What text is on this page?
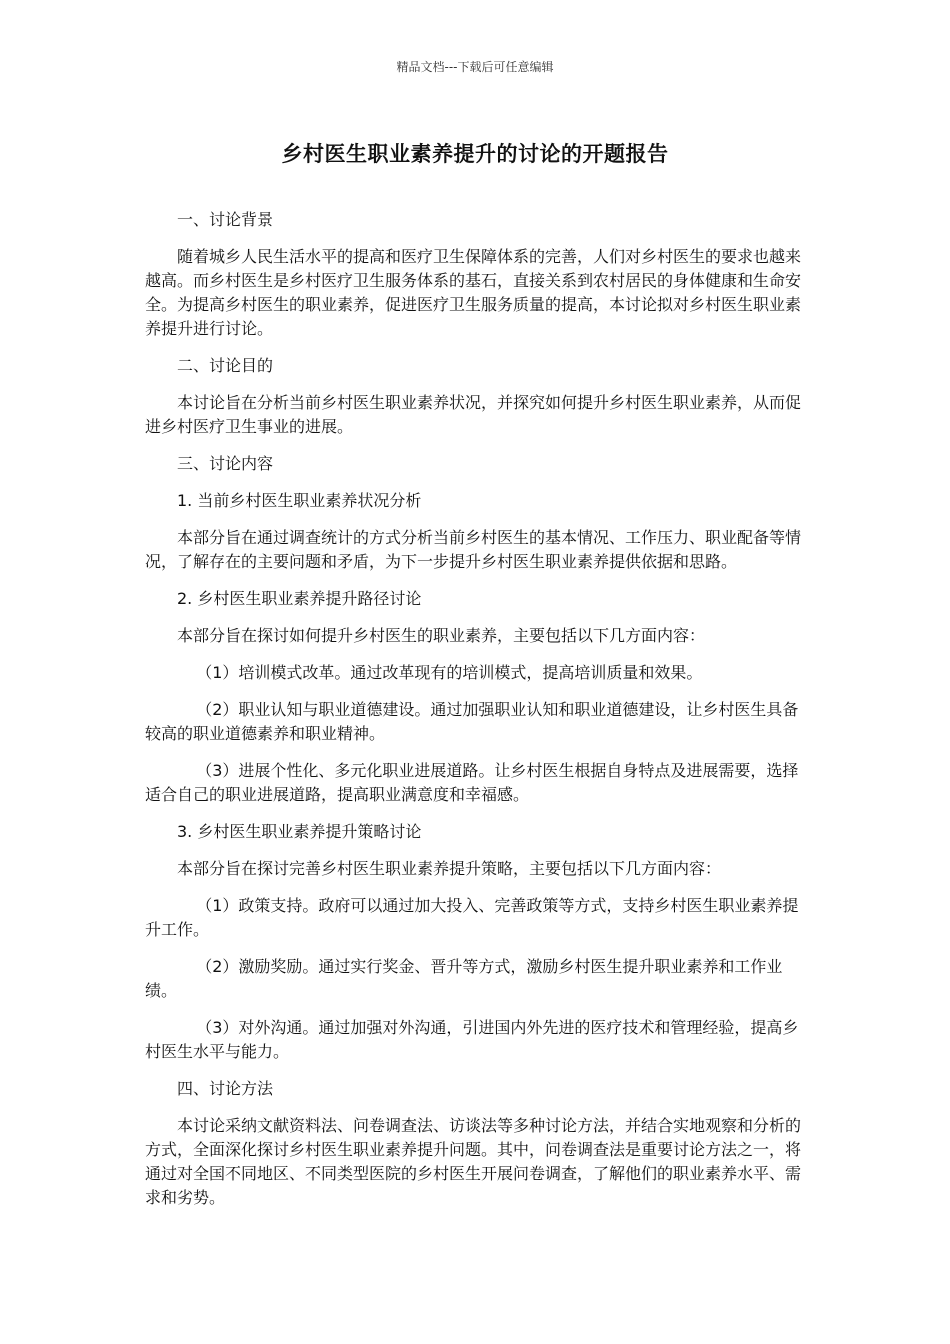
精品文档---下载后可任意编辑
乡村医生职业素养提升的讨论的开题报告

一、讨论背景

随着城乡人民生活水平的提高和医疗卫生保障体系的完善，人们对乡村医生的要求也越来越高。而乡村医生是乡村医疗卫生服务体系的基石，直接关系到农村居民的身体健康和生命安全。为提高乡村医生的职业素养，促进医疗卫生服务质量的提高，本讨论拟对乡村医生职业素养提升进行讨论。

二、讨论目的

本讨论旨在分析当前乡村医生职业素养状况，并探究如何提升乡村医生职业素养，从而促进乡村医疗卫生事业的进展。

三、讨论内容

1. 当前乡村医生职业素养状况分析

本部分旨在通过调查统计的方式分析当前乡村医生的基本情况、工作压力、职业配备等情况，了解存在的主要问题和矛盾，为下一步提升乡村医生职业素养提供依据和思路。

2. 乡村医生职业素养提升路径讨论

本部分旨在探讨如何提升乡村医生的职业素养，主要包括以下几方面内容：

（1）培训模式改革。通过改革现有的培训模式，提高培训质量和效果。

（2）职业认知与职业道德建设。通过加强职业认知和职业道德建设，让乡村医生具备较高的职业道德素养和职业精神。

（3）进展个性化、多元化职业进展道路。让乡村医生根据自身特点及进展需要，选择适合自己的职业进展道路，提高职业满意度和幸福感。

3. 乡村医生职业素养提升策略讨论

本部分旨在探讨完善乡村医生职业素养提升策略，主要包括以下几方面内容：

（1）政策支持。政府可以通过加大投入、完善政策等方式，支持乡村医生职业素养提升工作。

（2）激励奖励。通过实行奖金、晋升等方式，激励乡村医生提升职业素养和工作业绩。

（3）对外沟通。通过加强对外沟通，引进国内外先进的医疗技术和管理经验，提高乡村医生水平与能力。

四、讨论方法

本讨论采纳文献资料法、问卷调查法、访谈法等多种讨论方法，并结合实地观察和分析的方式，全面深化探讨乡村医生职业素养提升问题。其中，问卷调查法是重要讨论方法之一，将通过对全国不同地区、不同类型医院的乡村医生开展问卷调查，了解他们的职业素养水平、需求和劣势。
